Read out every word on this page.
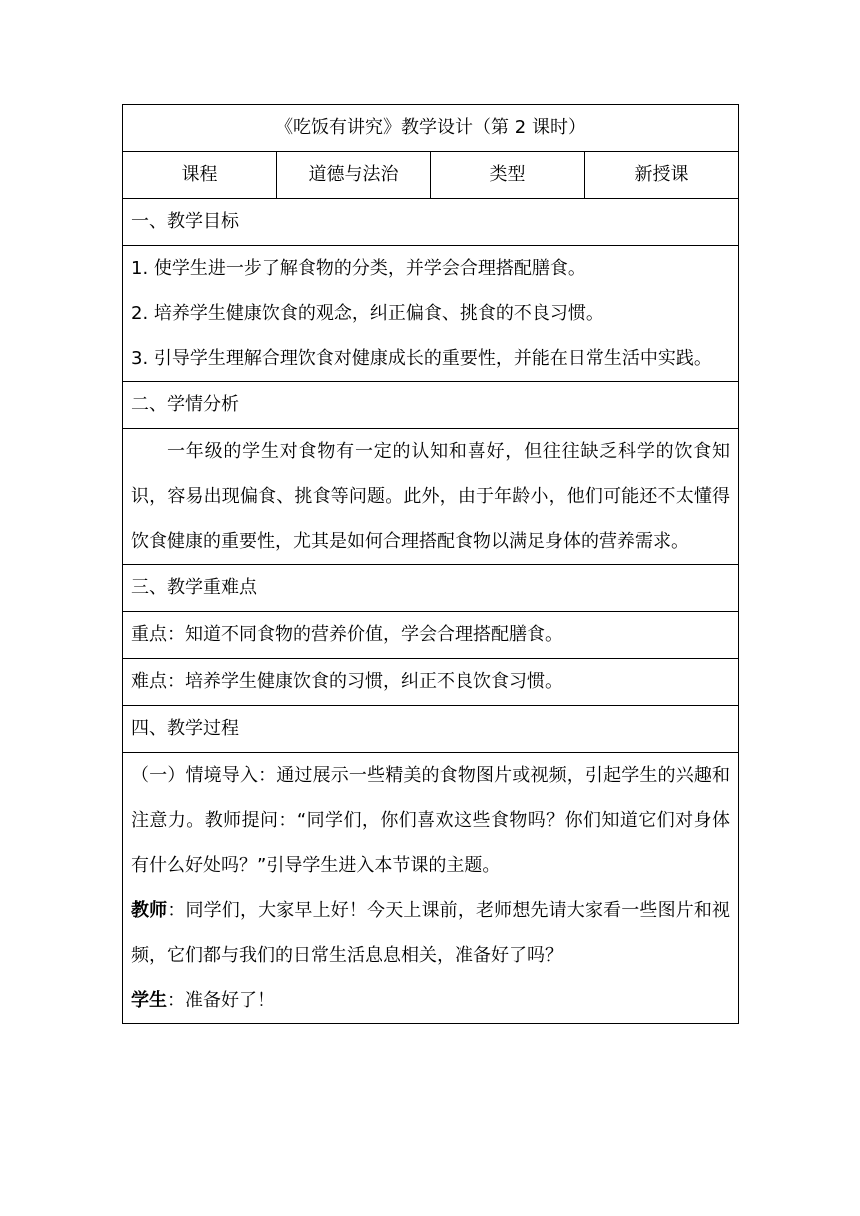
《吃饭有讲究》教学设计（第 2 课时）
课程	道德与法治	类型	新授课
一、教学目标

1. 使学生进一步了解食物的分类，并学会合理搭配膳食。

2. 培养学生健康饮食的观念，纠正偏食、挑食的不良习惯。

3. 引导学生理解合理饮食对健康成长的重要性，并能在日常生活中实践。

二、学情分析

一年级的学生对食物有一定的认知和喜好，但往往缺乏科学的饮食知识，容易出现偏食、挑食等问题。此外，由于年龄小，他们可能还不太懂得饮食健康的重要性，尤其是如何合理搭配食物以满足身体的营养需求。

三、教学重难点
重点：知道不同食物的营养价值，学会合理搭配膳食。
难点：培养学生健康饮食的习惯，纠正不良饮食习惯。
四、教学过程

（一）情境导入：通过展示一些精美的食物图片或视频，引起学生的兴趣和注意力。教师提问：“同学们，你们喜欢这些食物吗？你们知道它们对身体有什么好处吗？”引导学生进入本节课的主题。

教师：同学们，大家早上好！今天上课前，老师想先请大家看一些图片和视频，它们都与我们的日常生活息息相关，准备好了吗？

学生：准备好了！
